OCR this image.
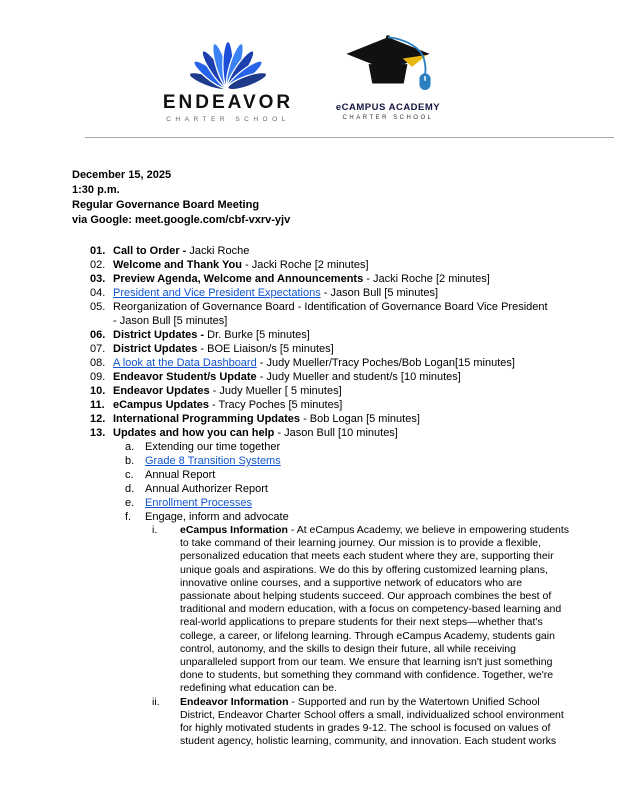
ENDEAVOR
CHARTER SCHOOL
eCAMPUS ACADEMY
CHARTER SCHOOL
December 15, 2025
1:30 p.m.
Regular Governance Board Meeting
via Google: meet.google.com/cbf-vxrv-yjv
01. Call to Order - Jacki Roche
02. Welcome and Thank You - Jacki Roche [2 minutes]
03. Preview Agenda, Welcome and Announcements - Jacki Roche [2 minutes]
04. President and Vice President Expectations - Jason Bull [5 minutes]
05. Reorganization of Governance Board - Identification of Governance Board Vice President
- Jason Bull [5 minutes]
06. District Updates - Dr. Burke [5 minutes]
07. District Updates - BOE Liaison/s [5 minutes]
08. A look at the Data Dashboard - Judy Mueller/Tracy Poches/Bob Logan[15 minutes]
09. Endeavor Student/s Update - Judy Mueller and student/s [10 minutes]
10. Endeavor Updates - Judy Mueller [ 5 minutes]
11. eCampus Updates - Tracy Poches [5 minutes]
12. International Programming Updates - Bob Logan [5 minutes]
13. Updates and how you can help - Jason Bull [10 minutes]
a. Extending our time together
b. Grade 8 Transition Systems
c.	Annual Report
d. Annual Authorizer Report
e. Enrollment Processes
f.	Engage, inform and advocate
i.	eCampus Information - At eCampus Academy, we believe in empowering students to take command of their learning journey. Our mission is to provide a flexible, personalized education that meets each student where they are, supporting their unique goals and aspirations. We do this by offering customized learning plans, innovative online courses, and a supportive network of educators who are passionate about helping students succeed. Our approach combines the best of traditional and modern education, with a focus on competency-based learning and real-world applications to prepare students for their next steps—whether that's college, a career, or lifelong learning. Through eCampus Academy, students gain control, autonomy, and the skills to design their future, all while receiving unparalleled support from our team. We ensure that learning isn't just something done to students, but something they command with confidence. Together, we're redefining what education can be.
ii.	Endeavor Information - Supported and run by the Watertown Unified School District, Endeavor Charter School offers a small, individualized school environment for highly motivated students in grades 9-12. The school is focused on values of student agency, holistic learning, community, and innovation. Each student works
